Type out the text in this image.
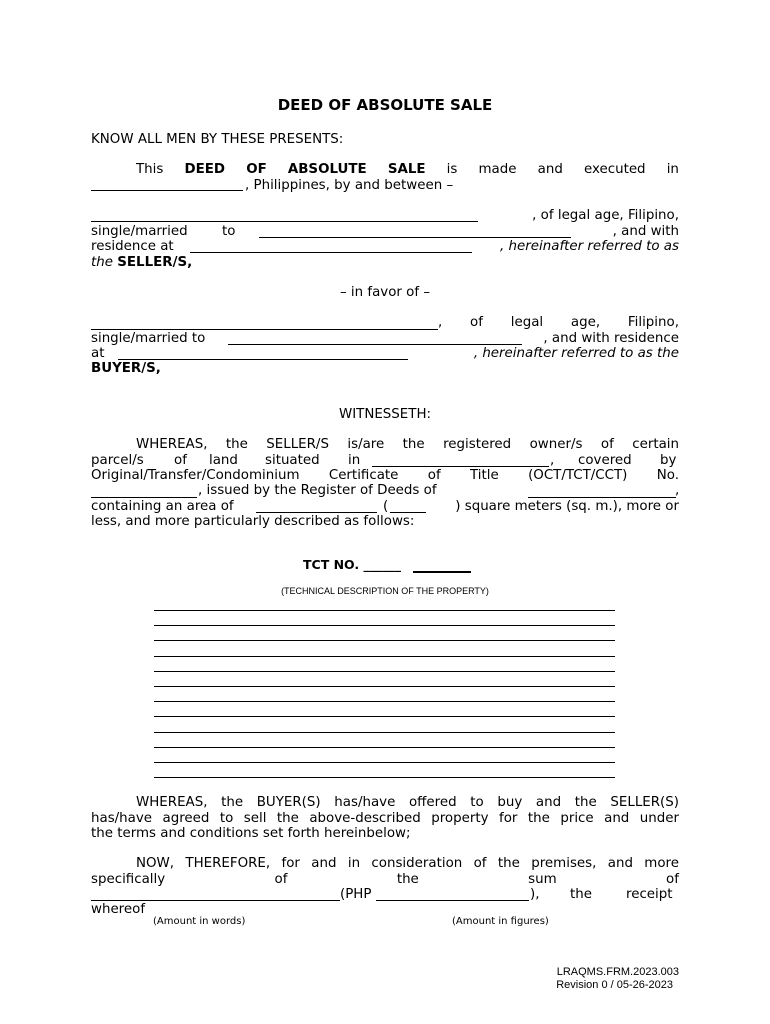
DEED OF ABSOLUTE SALE
KNOW ALL MEN BY THESE PRESENTS:
This DEED OF ABSOLUTE SALE is made and executed in
, Philippines, by and between –
, of legal age, Filipino,
single/married	to	, and with
residence at	, hereinafter referred to as
the SELLER/S,
– in favor of –
, of legal age, Filipino,
single/married to	, and with residence
at	, hereinafter referred to as the
BUYER/S,
WITNESSETH:
WHEREAS, the SELLER/S is/are the registered owner/s of certain
parcel/s of land situated in	, covered by
Original/Transfer/Condominium Certificate of Title (OCT/TCT/CCT) No.
, issued by the Register of Deeds of	,
containing an area of	(	) square meters (sq. m.), more or
less, and more particularly described as follows:
TCT NO. ______
(TECHNICAL DESCRIPTION OF THE PROPERTY)
WHEREAS, the BUYER(S) has/have offered to buy and the SELLER(S)
has/have agreed to sell the above-described property for the price and under
the terms and conditions set forth hereinbelow;
NOW, THEREFORE, for and in consideration of the premises, and more
specifically	of	the	sum	of
(PHP	), the	receipt
whereof
(Amount in words)	(Amount in figures)
LRAQMS.FRM.2023.003
Revision 0 / 05-26-2023
